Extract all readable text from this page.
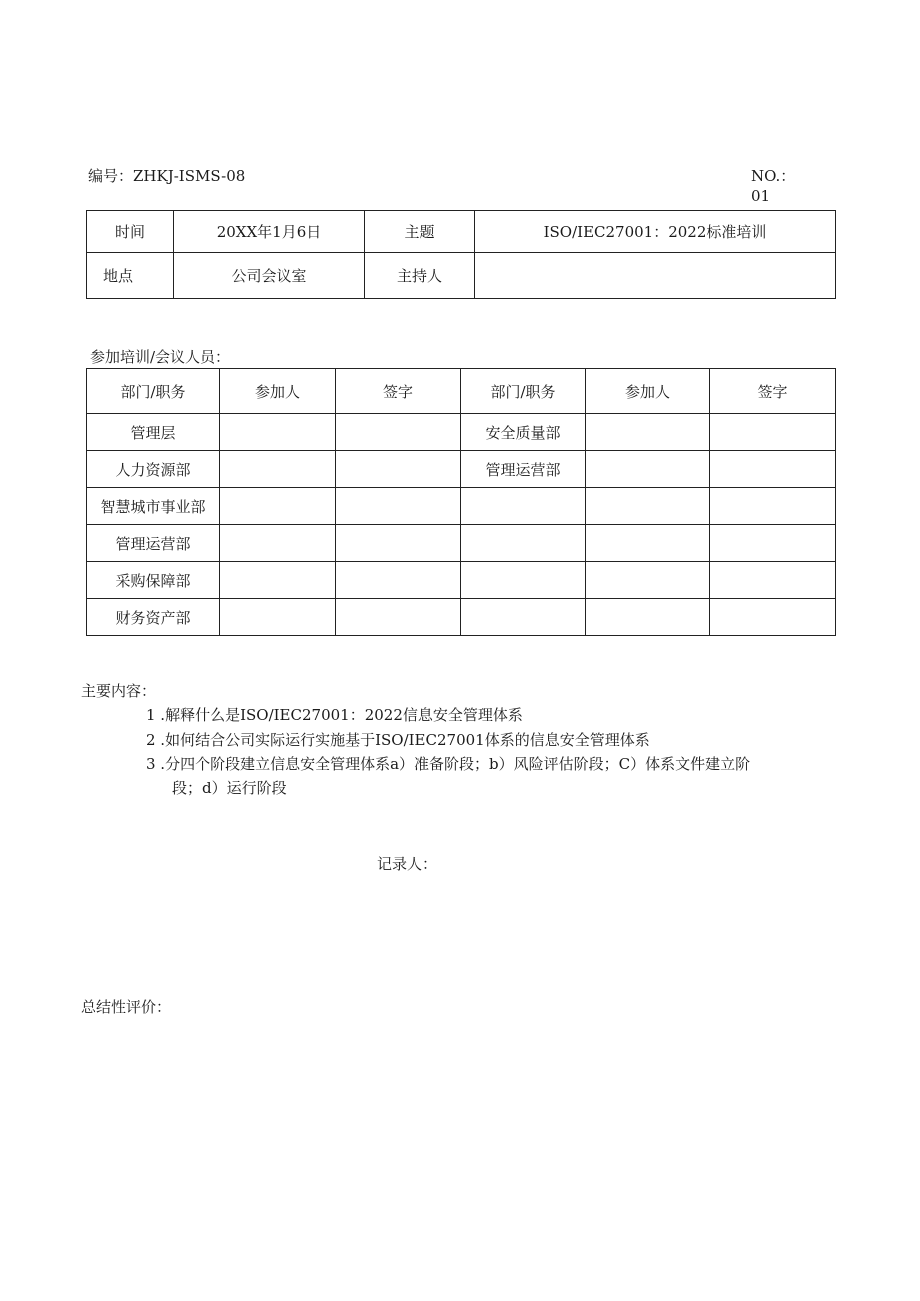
编号：ZHKJ-ISMS-08	NO.：
01
时间	20XX年1月6日	主题	ISO/IEC27001：2022标准培训
地点	公司会议室	主持人	
参加培训/会议人员：
部门/职务	参加人	签字	部门/职务	参加人	签字
管理层			安全质量部		
人力资源部			管理运营部		
智慧城市事业部					
管理运营部					
采购保障部					
财务资产部					
主要内容：
1 .解释什么是ISO/IEC27001：2022信息安全管理体系
2 .如何结合公司实际运行实施基于ISO/IEC27001体系的信息安全管理体系
3 .分四个阶段建立信息安全管理体系a）准备阶段；b）风险评估阶段；C）体系文件建立阶
段；d）运行阶段
记录人：
总结性评价：
